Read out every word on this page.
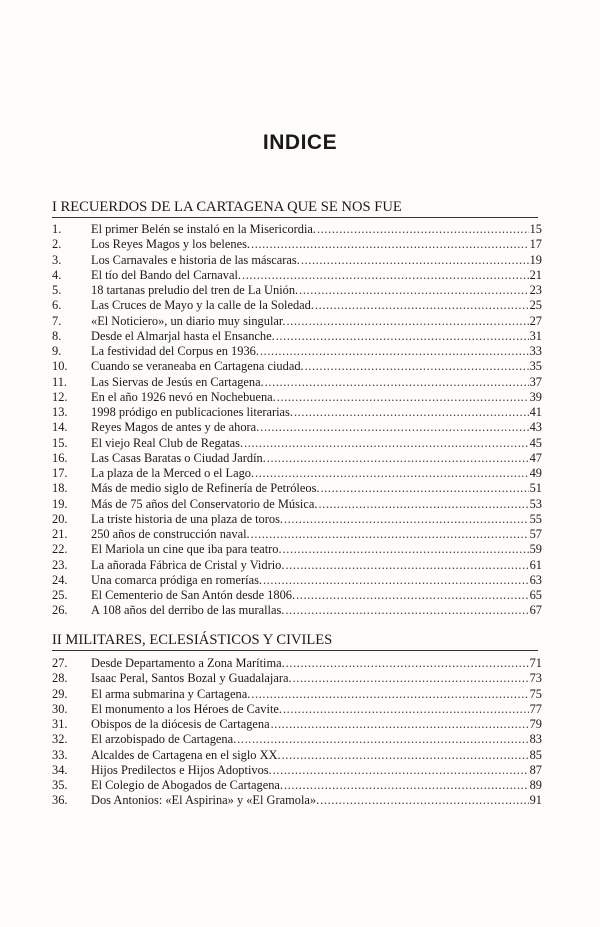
INDICE
I RECUERDOS DE LA CARTAGENA QUE SE NOS FUE
1.	El primer Belén se instaló en la Misericordia. .....	15
2.	Los Reyes Magos y los belenes. .....	17
3.	Los Carnavales e historia de las máscaras. .....	19
4.	El tío del Bando del Carnaval. .....	21
5.	18 tartanas preludio del tren de La Unión. .....	23
6.	Las Cruces de Mayo y la calle de la Soledad. .....	25
7.	«El Noticiero», un diario muy singular. .....	27
8.	Desde el Almarjal hasta el Ensanche. .....	31
9.	La festividad del Corpus en 1936. .....	33
10.	Cuando se veraneaba en Cartagena ciudad. .....	35
11.	Las Siervas de Jesús en Cartagena. .....	37
12.	En el año 1926 nevó en Nochebuena. .....	39
13.	1998 pródigo en publicaciones literarias. .....	41
14.	Reyes Magos de antes y de ahora. .....	43
15.	El viejo Real Club de Regatas. .....	45
16.	Las Casas Baratas o Ciudad Jardín. .....	47
17.	La plaza de la Merced o el Lago. .....	49
18.	Más de medio siglo de Refinería de Petróleos. .....	51
19.	Más de 75 años del Conservatorio de Música. .....	53
20.	La triste historia de una plaza de toros. .....	55
21.	250 años de construcción naval. .....	57
22.	El Mariola un cine que iba para teatro. .....	59
23.	La añorada Fábrica de Cristal y Vidrio. .....	61
24.	Una comarca pródiga en romerías. .....	63
25.	El Cementerio de San Antón desde 1806. .....	65
26.	A 108 años del derribo de las murallas. .....	67
II MILITARES, ECLESIÁSTICOS Y CIVILES
27.	Desde Departamento a Zona Marítima. .....	71
28.	Isaac Peral, Santos Bozal y Guadalajara. .....	73
29.	El arma submarina y Cartagena. .....	75
30.	El monumento a los Héroes de Cavite. .....	77
31.	Obispos de la diócesis de Cartagena .....	79
32.	El arzobispado de Cartagena. .....	83
33.	Alcaldes de Cartagena en el siglo XX. .....	85
34.	Hijos Predilectos e Hijos Adoptivos. .....	87
35.	El Colegio de Abogados de Cartagena. .....	89
36.	Dos Antonios: «El Aspirina» y «El Gramola». .....	91
